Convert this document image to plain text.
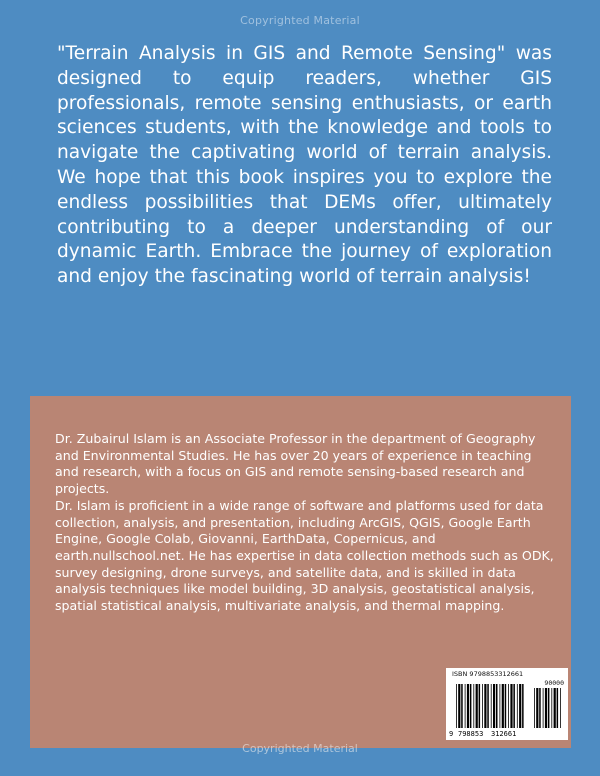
Copyrighted Material

"Terrain Analysis in GIS and Remote Sensing" was designed to equip readers, whether GIS professionals, remote sensing enthusiasts, or earth sciences students, with the knowledge and tools to navigate the captivating world of terrain analysis. We hope that this book inspires you to explore the endless possibilities that DEMs offer, ultimately contributing to a deeper understanding of our dynamic Earth. Embrace the journey of exploration and enjoy the fascinating world of terrain analysis!

Dr. Zubairul Islam is an Associate Professor in the department of Geography and Environmental Studies. He has over 20 years of experience in teaching and research, with a focus on GIS and remote sensing-based research and projects.

Dr. Islam is proficient in a wide range of software and platforms used for data collection, analysis, and presentation, including ArcGIS, QGIS, Google Earth Engine, Google Colab, Giovanni, EarthData, Copernicus, and earth.nullschool.net. He has expertise in data collection methods such as ODK, survey designing, drone surveys, and satellite data, and is skilled in data analysis techniques like model building, 3D analysis, geostatistical analysis, spatial statistical analysis, multivariate analysis, and thermal mapping.

ISBN 9798853312661
90000
9 798853 312661
Copyrighted Material
